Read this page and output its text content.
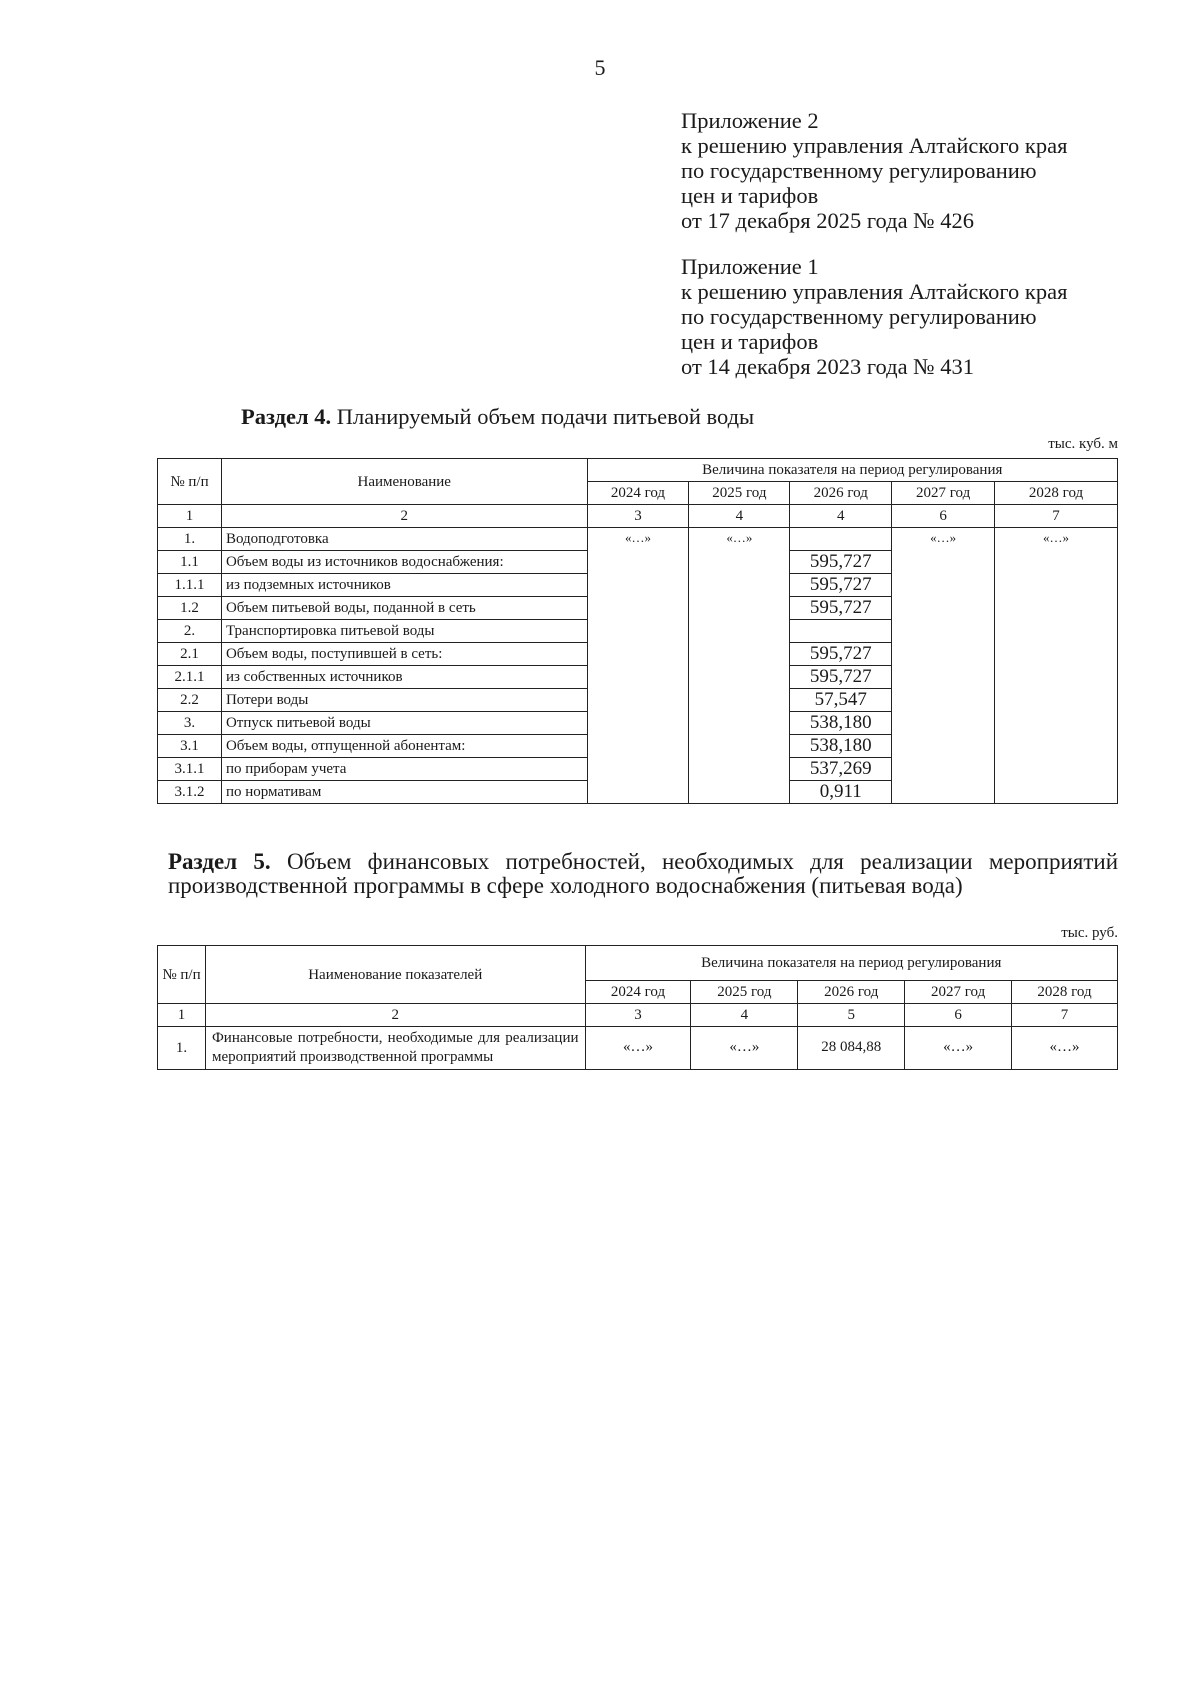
5
Приложение 2
к решению управления Алтайского края
по государственному регулированию
цен и тарифов
от 17 декабря 2025 года № 426
Приложение 1
к решению управления Алтайского края
по государственному регулированию
цен и тарифов
от 14 декабря 2023 года № 431
Раздел 4. Планируемый объем подачи питьевой воды
тыс. куб. м
№ п/п	Наименование	Величина показателя на период регулирования				
		2024 год	2025 год	2026 год	2027 год	2028 год
1	2	3	4	4	6	7
1.	Водоподготовка	«…»	«…»		«…»	«…»
1.1	Объем воды из источников водоснабжения:			595,727		
1.1.1	из подземных источников			595,727		
1.2	Объем питьевой воды, поданной в сеть			595,727		
2.	Транспортировка питьевой воды					
2.1	Объем воды, поступившей в сеть:			595,727		
2.1.1	из собственных источников			595,727		
2.2	Потери воды			57,547		
3.	Отпуск питьевой воды			538,180		
3.1	Объем воды, отпущенной абонентам:			538,180		
3.1.1	по приборам учета			537,269		
3.1.2	по нормативам			0,911		
Раздел 5. Объем финансовых потребностей, необходимых для реализации мероприятий производственной программы в сфере холодного водоснабжения (питьевая вода)
тыс. руб.
№ п/п	Наименование показателей	Величина показателя на период регулирования				
		2024 год	2025 год	2026 год	2027 год	2028 год
1	2	3	4	5	6	7
1.	Финансовые потребности, необходимые для реализации мероприятий производственной программы	«…»	«…»	28 084,88	«…»	«…»
